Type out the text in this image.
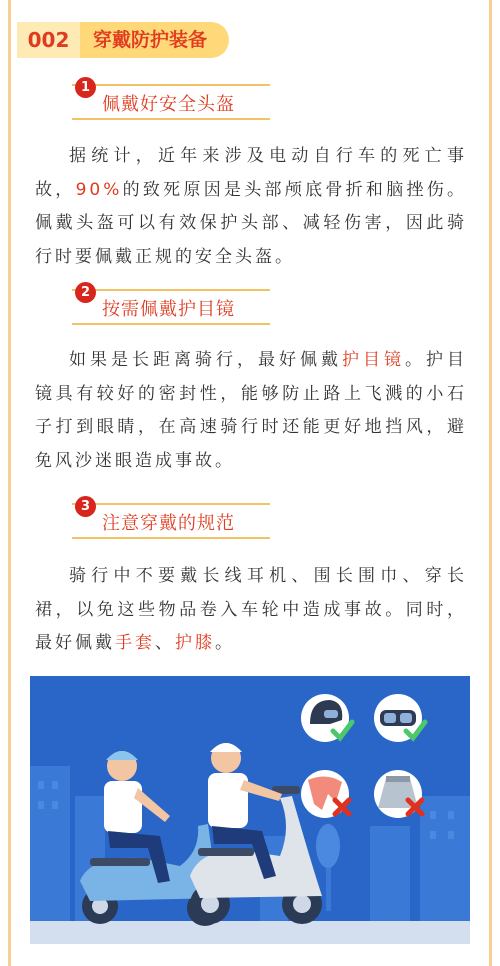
002	穿戴防护装备
1
佩戴好安全头盔
据统计，近年来涉及电动自行车的死亡事故，90%的致死原因是头部颅底骨折和脑挫伤。佩戴头盔可以有效保护头部、减轻伤害，因此骑行时要佩戴正规的安全头盔。
2
按需佩戴护目镜
如果是长距离骑行，最好佩戴护目镜。护目镜具有较好的密封性，能够防止路上飞溅的小石子打到眼睛，在高速骑行时还能更好地挡风，避免风沙迷眼造成事故。
3
注意穿戴的规范
骑行中不要戴长线耳机、围长围巾、穿长裙，以免这些物品卷入车轮中造成事故。同时，最好佩戴手套、护膝。
